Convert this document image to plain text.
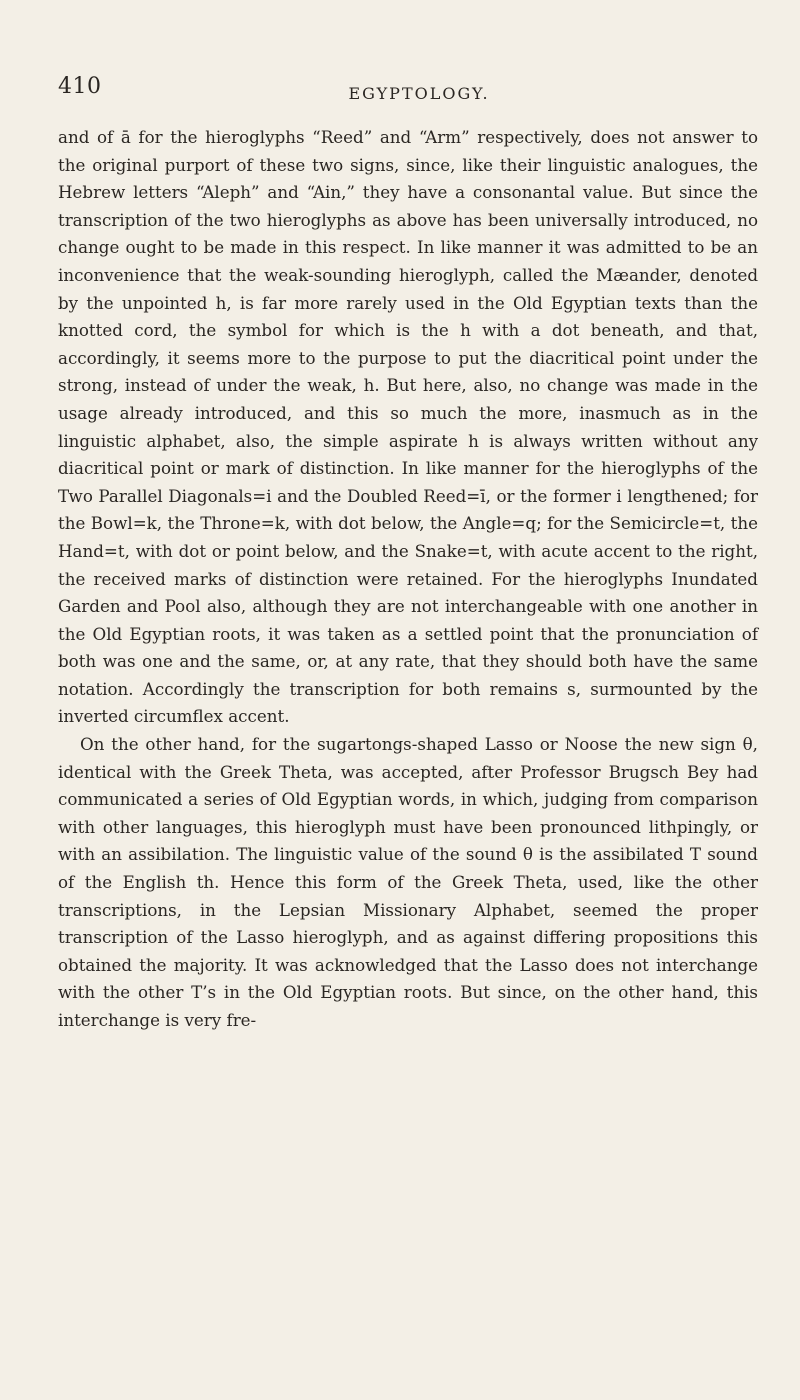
410	EGYPTOLOGY.

and of ā for the hieroglyphs “Reed” and “Arm” respectively, does not answer to the original purport of these two signs, since, like their linguistic analogues, the Hebrew letters “Aleph” and “Ain,” they have a consonantal value. But since the transcription of the two hieroglyphs as above has been universally introduced, no change ought to be made in this respect. In like manner it was admitted to be an inconvenience that the weak-sounding hieroglyph, called the Mæander, denoted by the unpointed h, is far more rarely used in the Old Egyptian texts than the knotted cord, the symbol for which is the h with a dot beneath, and that, accordingly, it seems more to the purpose to put the diacritical point under the strong, instead of under the weak, h. But here, also, no change was made in the usage already introduced, and this so much the more, inasmuch as in the linguistic alphabet, also, the simple aspirate h is always written without any diacritical point or mark of distinction. In like manner for the hieroglyphs of the Two Parallel Diagonals=i and the Doubled Reed=ī, or the former i lengthened; for the Bowl=k, the Throne=k, with dot below, the Angle=q; for the Semicircle=t, the Hand=t, with dot or point below, and the Snake=t, with acute accent to the right, the received marks of distinction were retained. For the hieroglyphs Inundated Garden and Pool also, although they are not interchangeable with one another in the Old Egyptian roots, it was taken as a settled point that the pronunciation of both was one and the same, or, at any rate, that they should both have the same notation. Accordingly the transcription for both remains s, surmounted by the inverted circumflex accent.

On the other hand, for the sugartongs-shaped Lasso or Noose the new sign θ, identical with the Greek Theta, was accepted, after Professor Brugsch Bey had communicated a series of Old Egyptian words, in which, judging from comparison with other languages, this hieroglyph must have been pronounced lithpingly, or with an assibilation. The linguistic value of the sound θ is the assibilated T sound of the English th. Hence this form of the Greek Theta, used, like the other transcriptions, in the Lepsian Missionary Alphabet, seemed the proper transcription of the Lasso hieroglyph, and as against differing propositions this obtained the majority. It was acknowledged that the Lasso does not interchange with the other T’s in the Old Egyptian roots. But since, on the other hand, this interchange is very fre-
